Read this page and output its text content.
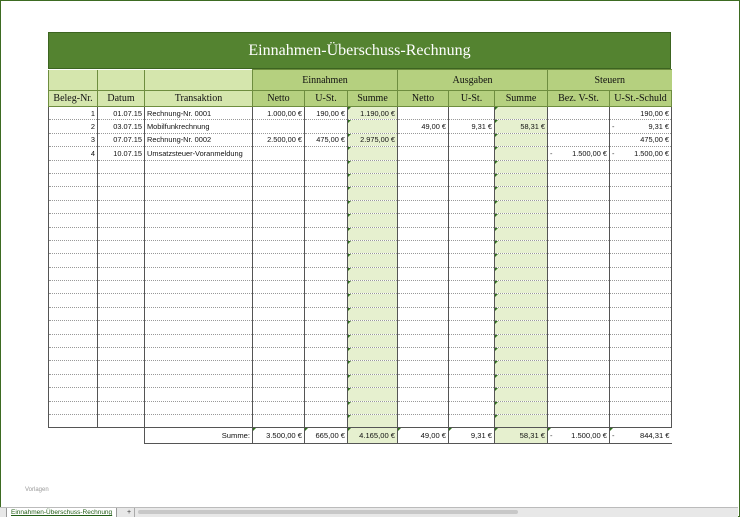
Einnahmen-Überschuss-Rechnung
			Einnahmen			Ausgaben			Steuern	
Beleg-Nr.	Datum	Transaktion	Netto	U-St.	Summe	Netto	U-St.	Summe	Bez. V-St.	U-St.-Schuld
1	01.07.15	Rechnung-Nr. 0001	1.000,00 €	190,00 €	1.190,00 €					190,00 €
2	03.07.15	Mobilfunkrechnung				49,00 €	9,31 €	58,31 €		- 9,31 €
3	07.07.15	Rechnung-Nr. 0002	2.500,00 €	475,00 €	2.975,00 €					475,00 €
4	10.07.15	Umsatzsteuer-Voranmeldung							- 1.500,00 €	- 1.500,00 €

		Summe:	3.500,00 €	665,00 €	4.165,00 €	49,00 €	9,31 €	58,31 €	- 1.500,00 €	- 844,31 €
Vorlagen
Einnahmen-Überschuss-Rechnung	+
